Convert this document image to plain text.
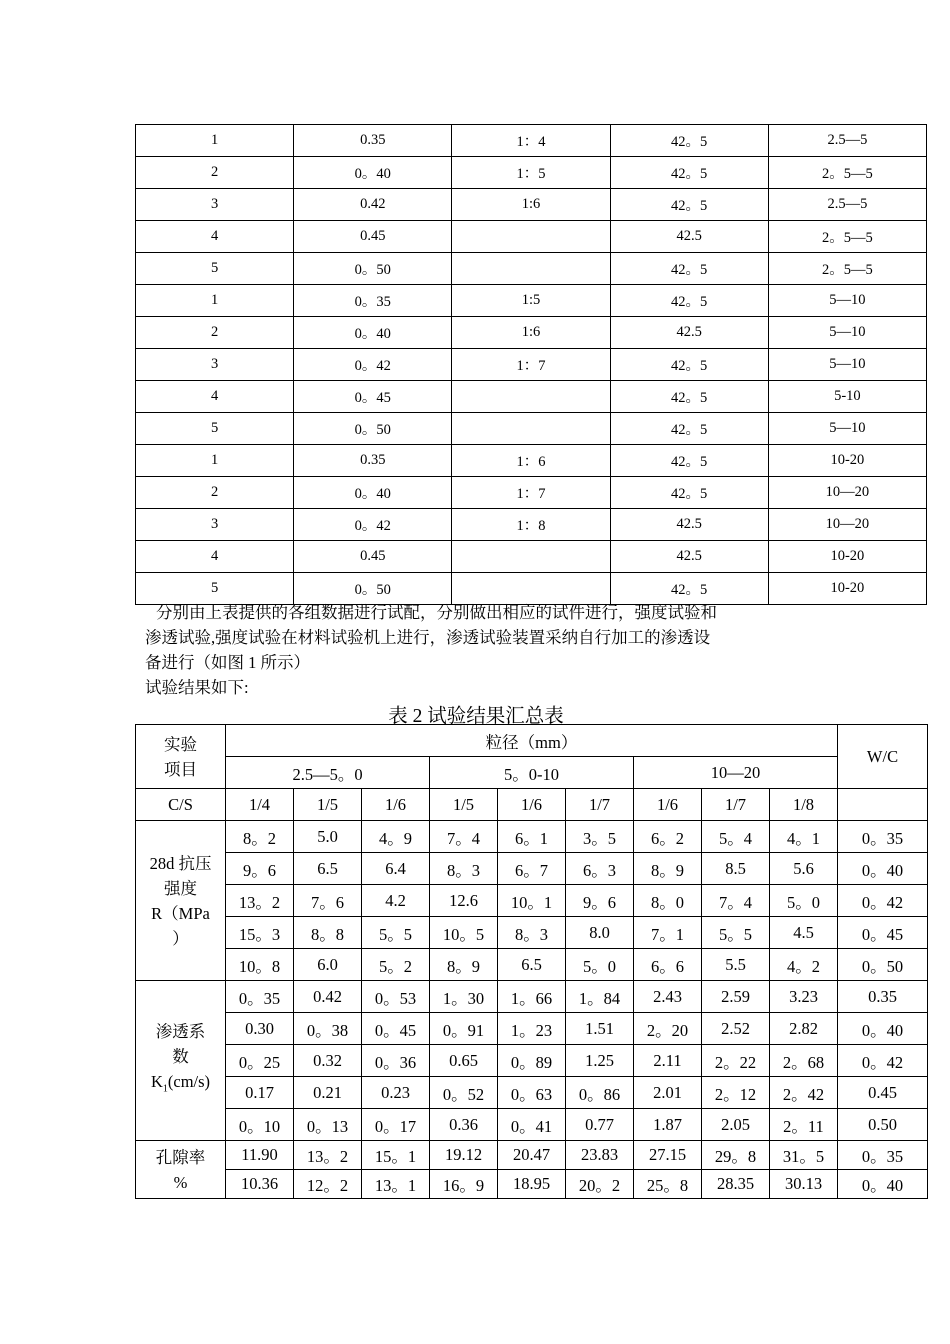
1	0.35	1：4	42。5	2.5—5
2	0。40	1：5	42。5	2。5—5
3	0.42	1:6	42。5	2.5—5
4	0.45		42.5	2。5—5
5	0。50		42。5	2。5—5
1	0。35	1:5	42。5	5—10
2	0。40	1:6	42.5	5—10
3	0。42	1：7	42。5	5—10
4	0。45		42。5	5-10
5	0。50		42。5	5—10
1	0.35	1：6	42。5	10-20
2	0。40	1：7	42。5	10—20
3	0。42	1：8	42.5	10—20
4	0.45		42.5	10-20
5	0。50		42。5	10-20
分别由上表提供的各组数据进行试配，分别做出相应的试件进行，强度试验和
渗透试验,强度试验在材料试验机上进行，渗透试验装置采纳自行加工的渗透设
备进行（如图 1 所示）
试验结果如下:
表 2 试验结果汇总表
实验
项目	粒径（mm）									W/C
	2.5—5。0			5。0-10			10—20			
C/S	1/4	1/5	1/6	1/5	1/6	1/7	1/6	1/7	1/8	

28d 抗压
强度
R（MPa
）	8。2	5.0	4。9	7。4	6。1	3。5	6。2	5。4	4。1	0。35
	9。6	6.5	6.4	8。3	6。7	6。3	8。9	8.5	5.6	0。40
	13。2	7。6	4.2	12.6	10。1	9。6	8。0	7。4	5。0	0。42
	15。3	8。8	5。5	10。5	8。3	8.0	7。1	5。5	4.5	0。45
	10。8	6.0	5。2	8。9	6.5	5。0	6。6	5.5	4。2	0。50

渗透系
数
$K_1(cm/s)$	0。35	0.42	0。53	1。30	1。66	1。84	2.43	2.59	3.23	0.35
	0.30	0。38	0。45	0。91	1。23	1.51	2。20	2.52	2.82	0。40
	0。25	0.32	0。36	0.65	0。89	1.25	2.11	2。22	2。68	0。42
	0.17	0.21	0.23	0。52	0。63	0。86	2.01	2。12	2。42	0.45
	0。10	0。13	0。17	0.36	0。41	0.77	1.87	2.05	2。11	0.50

孔隙率
%	11.90	13。2	15。1	19.12	20.47	23.83	27.15	29。8	31。5	0。35
	10.36	12。2	13。1	16。9	18.95	20。2	25。8	28.35	30.13	0。40
